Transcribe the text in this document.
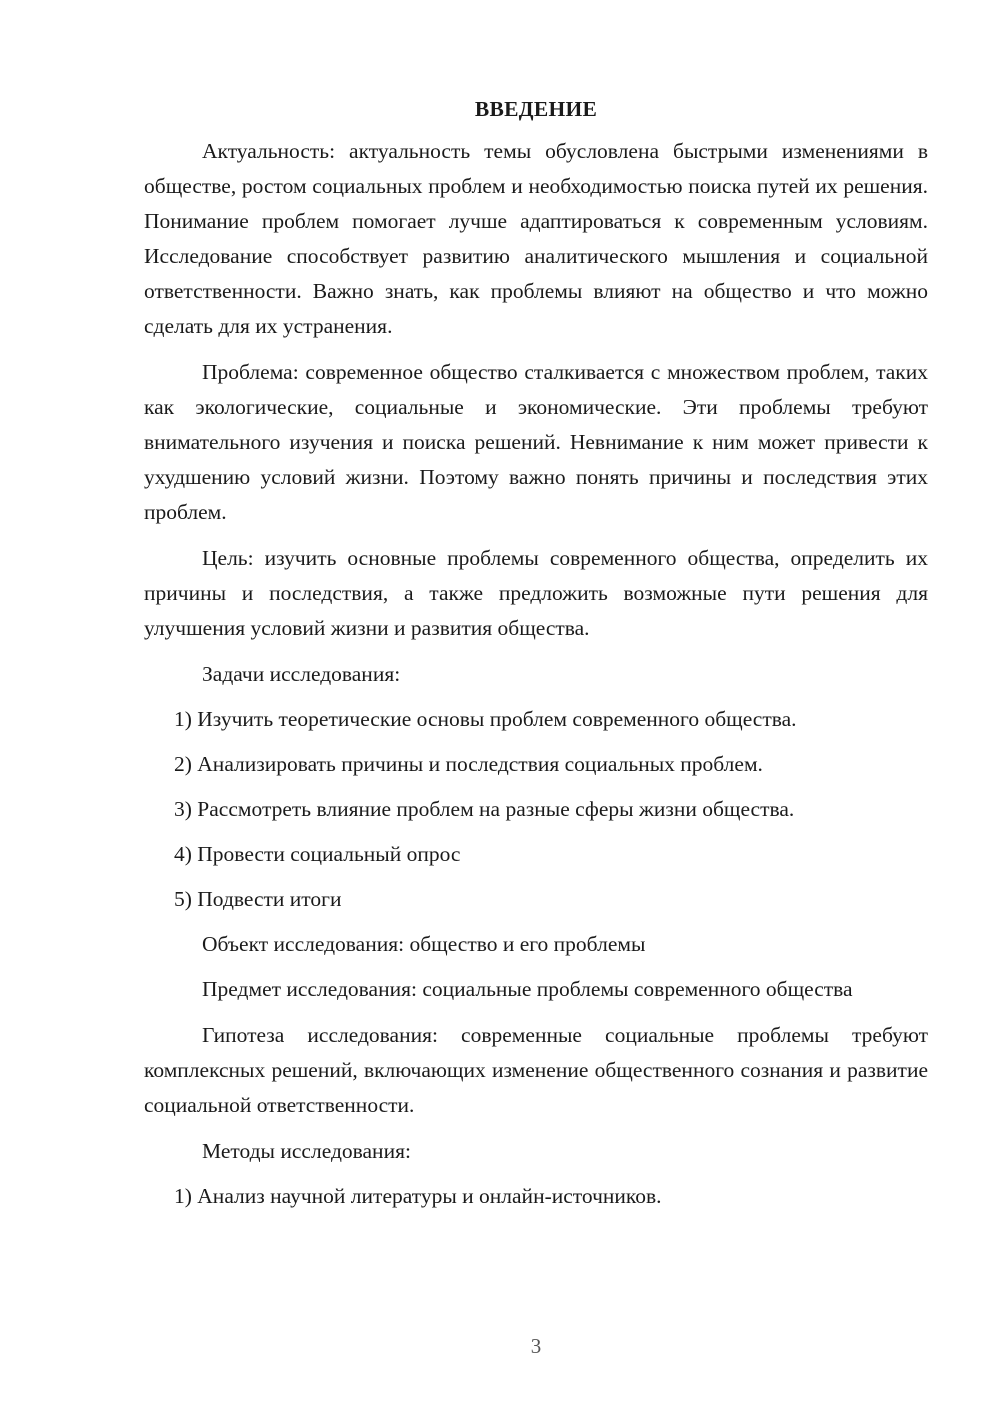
ВВЕДЕНИЕ

Актуальность: актуальность темы обусловлена быстрыми изменениями в обществе, ростом социальных проблем и необходимостью поиска путей их решения. Понимание проблем помогает лучше адаптироваться к современным условиям. Исследование способствует развитию аналитического мышления и социальной ответственности. Важно знать, как проблемы влияют на общество и что можно сделать для их устранения.

Проблема: современное общество сталкивается с множеством проблем, таких как экологические, социальные и экономические. Эти проблемы требуют внимательного изучения и поиска решений. Невнимание к ним может привести к ухудшению условий жизни. Поэтому важно понять причины и последствия этих проблем.

Цель: изучить основные проблемы современного общества, определить их причины и последствия, а также предложить возможные пути решения для улучшения условий жизни и развития общества.

Задачи исследования:

1) Изучить теоретические основы проблем современного общества.
2) Анализировать причины и последствия социальных проблем.
3) Рассмотреть влияние проблем на разные сферы жизни общества.
4) Провести социальный опрос
5) Подвести итоги

Объект исследования: общество и его проблемы

Предмет исследования: социальные проблемы современного общества

Гипотеза исследования: современные социальные проблемы требуют комплексных решений, включающих изменение общественного сознания и развитие социальной ответственности.

Методы исследования:

1) Анализ научной литературы и онлайн-источников.
3
